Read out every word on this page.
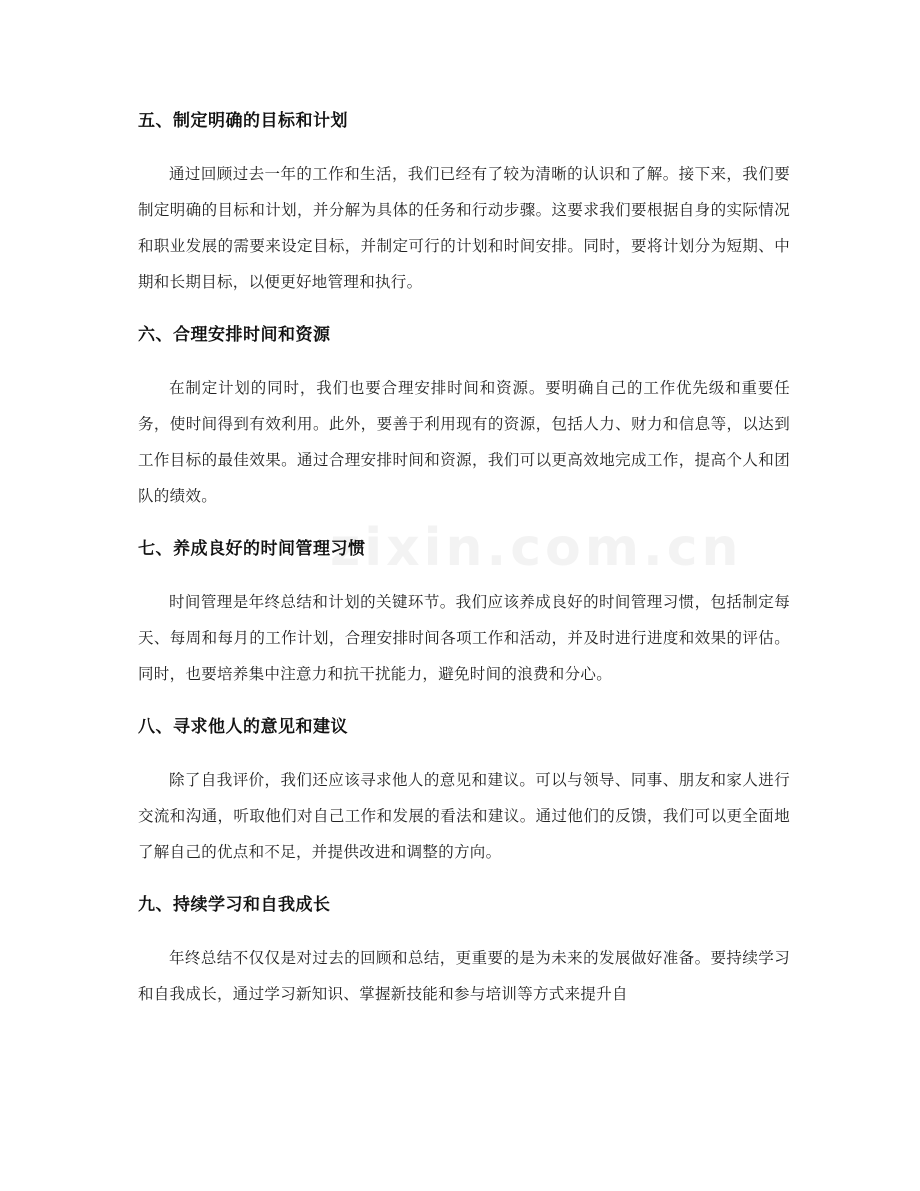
zixin.com.cn
五、制定明确的目标和计划

通过回顾过去一年的工作和生活，我们已经有了较为清晰的认识和了解。接下来，我们要制定明确的目标和计划，并分解为具体的任务和行动步骤。这要求我们要根据自身的实际情况和职业发展的需要来设定目标，并制定可行的计划和时间安排。同时，要将计划分为短期、中期和长期目标，以便更好地管理和执行。

六、合理安排时间和资源

在制定计划的同时，我们也要合理安排时间和资源。要明确自己的工作优先级和重要任务，使时间得到有效利用。此外，要善于利用现有的资源，包括人力、财力和信息等，以达到工作目标的最佳效果。通过合理安排时间和资源，我们可以更高效地完成工作，提高个人和团队的绩效。

七、养成良好的时间管理习惯

时间管理是年终总结和计划的关键环节。我们应该养成良好的时间管理习惯，包括制定每天、每周和每月的工作计划，合理安排时间各项工作和活动，并及时进行进度和效果的评估。同时，也要培养集中注意力和抗干扰能力，避免时间的浪费和分心。

八、寻求他人的意见和建议

除了自我评价，我们还应该寻求他人的意见和建议。可以与领导、同事、朋友和家人进行交流和沟通，听取他们对自己工作和发展的看法和建议。通过他们的反馈，我们可以更全面地了解自己的优点和不足，并提供改进和调整的方向。

九、持续学习和自我成长

年终总结不仅仅是对过去的回顾和总结，更重要的是为未来的发展做好准备。要持续学习和自我成长，通过学习新知识、掌握新技能和参与培训等方式来提升自
